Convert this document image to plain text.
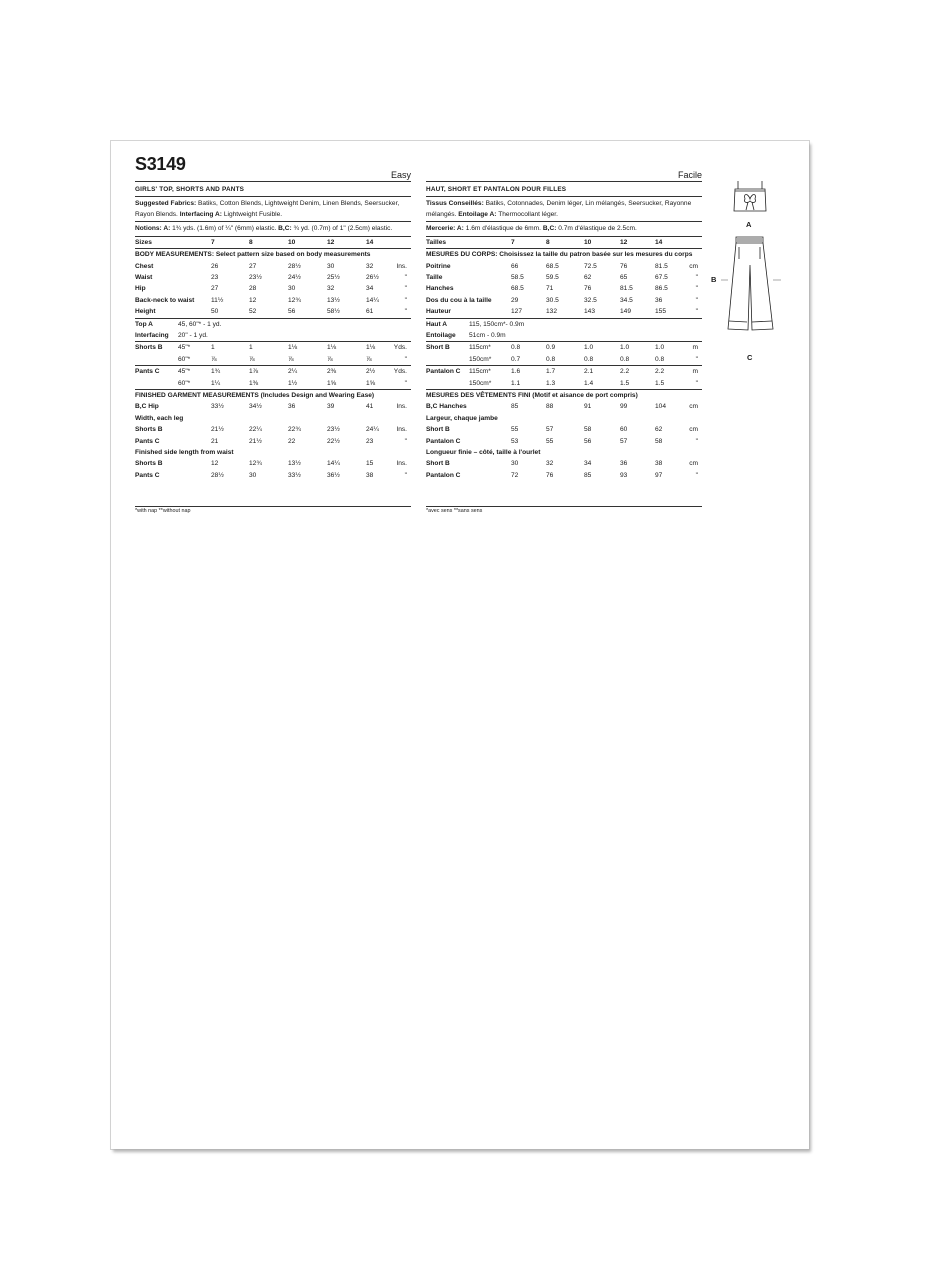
S3149
Easy
GIRLS' TOP, SHORTS AND PANTS
Suggested Fabrics: Batiks, Cotton Blends, Lightweight Denim, Linen Blends, Seersucker, Rayon Blends. Interfacing A: Lightweight Fusible.
Notions: A: 1¾ yds. (1.6m) of ¼" (6mm) elastic. B,C: ¾ yd. (0.7m) of 1" (2.5cm) elastic.
Sizes	7	8	10	12	14
BODY MEASUREMENTS: Select pattern size based on body measurements
Chest	26	27	28½	30	32	Ins.
Waist	23	23½	24½	25½	26½	"
Hip	27	28	30	32	34	"
Back-neck to waist	11½	12	12¾	13½	14¼	"
Height	50	52	56	58½	61	"
Top A	45, 60"* - 1 yd.
Interfacing 20" - 1 yd.
Shorts B 45"*	1	1	1⅛	1⅛	1⅛	Yds.
60"*	⅞	⅞	⅞	⅞	⅞	"
Pants C	45"*	1¾	1⅞	2¼	2⅜	2½	Yds.
60"*	1¼	1⅜	1½	1⅝	1⅝	"
FINISHED GARMENT MEASUREMENTS (Includes Design and Wearing Ease)
B,C Hip	33½	34½	36	39	41	Ins.
Width, each leg
Shorts B	21½	22¼	22¾	23½	24¼	Ins.
Pants C	21	21½	22	22½	23	"
Finished side length from waist
Shorts B	12	12¾	13½	14¼	15	Ins.
Pants C	28½	30	33½	36½	38	"
Facile
HAUT, SHORT ET PANTALON POUR FILLES
Tissus Conseillés: Batiks, Cotonnades, Denim léger, Lin mélangés, Seersucker, Rayonne mélangés. Entoilage A: Thermocollant léger.
Mercerie: A: 1.6m d'élastique de 6mm. B,C: 0.7m d'élastique de 2.5cm.
Tailles	7	8	10	12	14
MESURES DU CORPS: Choisissez la taille du patron basée sur les mesures du corps
Poitrine	66	68.5	72.5	76	81.5	cm
Taille	58.5	59.5	62	65	67.5	"
Hanches	68.5	71	76	81.5	86.5	"
Dos du cou à la taille	29	30.5	32.5	34.5	36	"
Hauteur	127	132	143	149	155	"
Haut A	115, 150cm*- 0.9m
Entoilage 51cm - 0.9m
Short B	115cm*	0.8	0.9	1.0	1.0	1.0	m
150cm*	0.7	0.8	0.8	0.8	0.8	"
Pantalon C 115cm*	1.6	1.7	2.1	2.2	2.2	m
150cm*	1.1	1.3	1.4	1.5	1.5	"
MESURES DES VÊTEMENTS FINI (Motif et aisance de port compris)
B,C Hanches	85	88	91	99	104	cm
Largeur, chaque jambe
Short B	55	57	58	60	62	cm
Pantalon C	53	55	56	57	58	"
Longueur finie – côté, taille à l'ourlet
Short B	30	32	34	36	38	cm
Pantalon C	72	76	85	93	97	"
*with nap **without nap	*avec sens **sans sens
A
B
C
